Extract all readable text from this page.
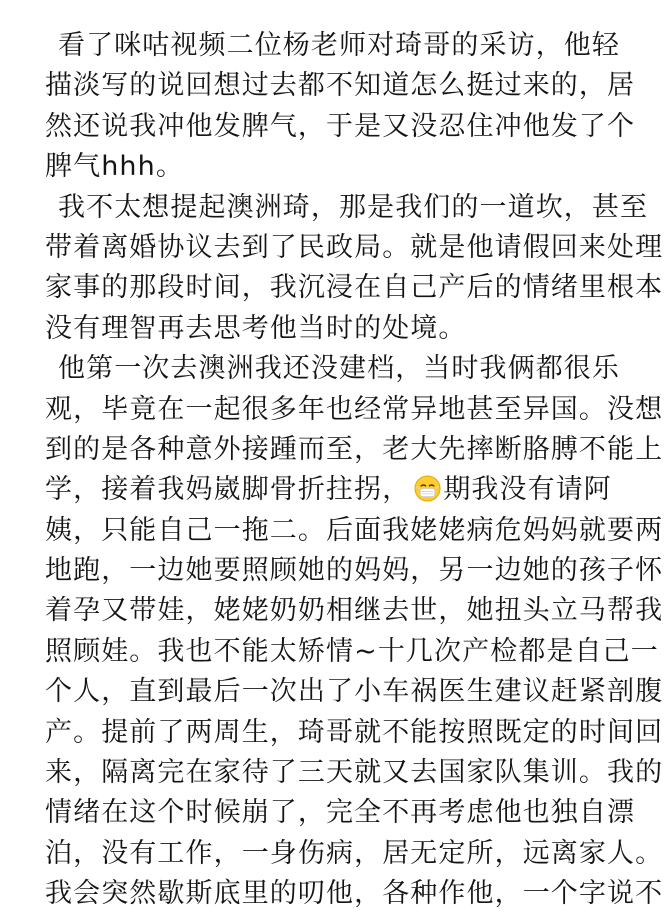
看了咪咕视频二位杨老师对琦哥的采访，他轻
描淡写的说回想过去都不知道怎么挺过来的，居
然还说我冲他发脾气，于是又没忍住冲他发了个
脾气hhh。
我不太想提起澳洲琦，那是我们的一道坎，甚至
带着离婚协议去到了民政局。就是他请假回来处理
家事的那段时间，我沉浸在自己产后的情绪里根本
没有理智再去思考他当时的处境。
他第一次去澳洲我还没建档，当时我俩都很乐
观，毕竟在一起很多年也经常异地甚至异国。没想
到的是各种意外接踵而至，老大先摔断胳膊不能上
学，接着我妈崴脚骨折拄拐， 期我没有请阿
姨，只能自己一拖二。后面我姥姥病危妈妈就要两
地跑，一边她要照顾她的妈妈，另一边她的孩子怀
着孕又带娃，姥姥奶奶相继去世，她扭头立马帮我
照顾娃。我也不能太矫情~十几次产检都是自己一
个人，直到最后一次出了小车祸医生建议赶紧剖腹
产。提前了两周生，琦哥就不能按照既定的时间回
来，隔离完在家待了三天就又去国家队集训。我的
情绪在这个时候崩了，完全不再考虑他也独自漂
泊，没有工作，一身伤病，居无定所，远离家人。
我会突然歇斯底里的叨他，各种作他，一个字说不
